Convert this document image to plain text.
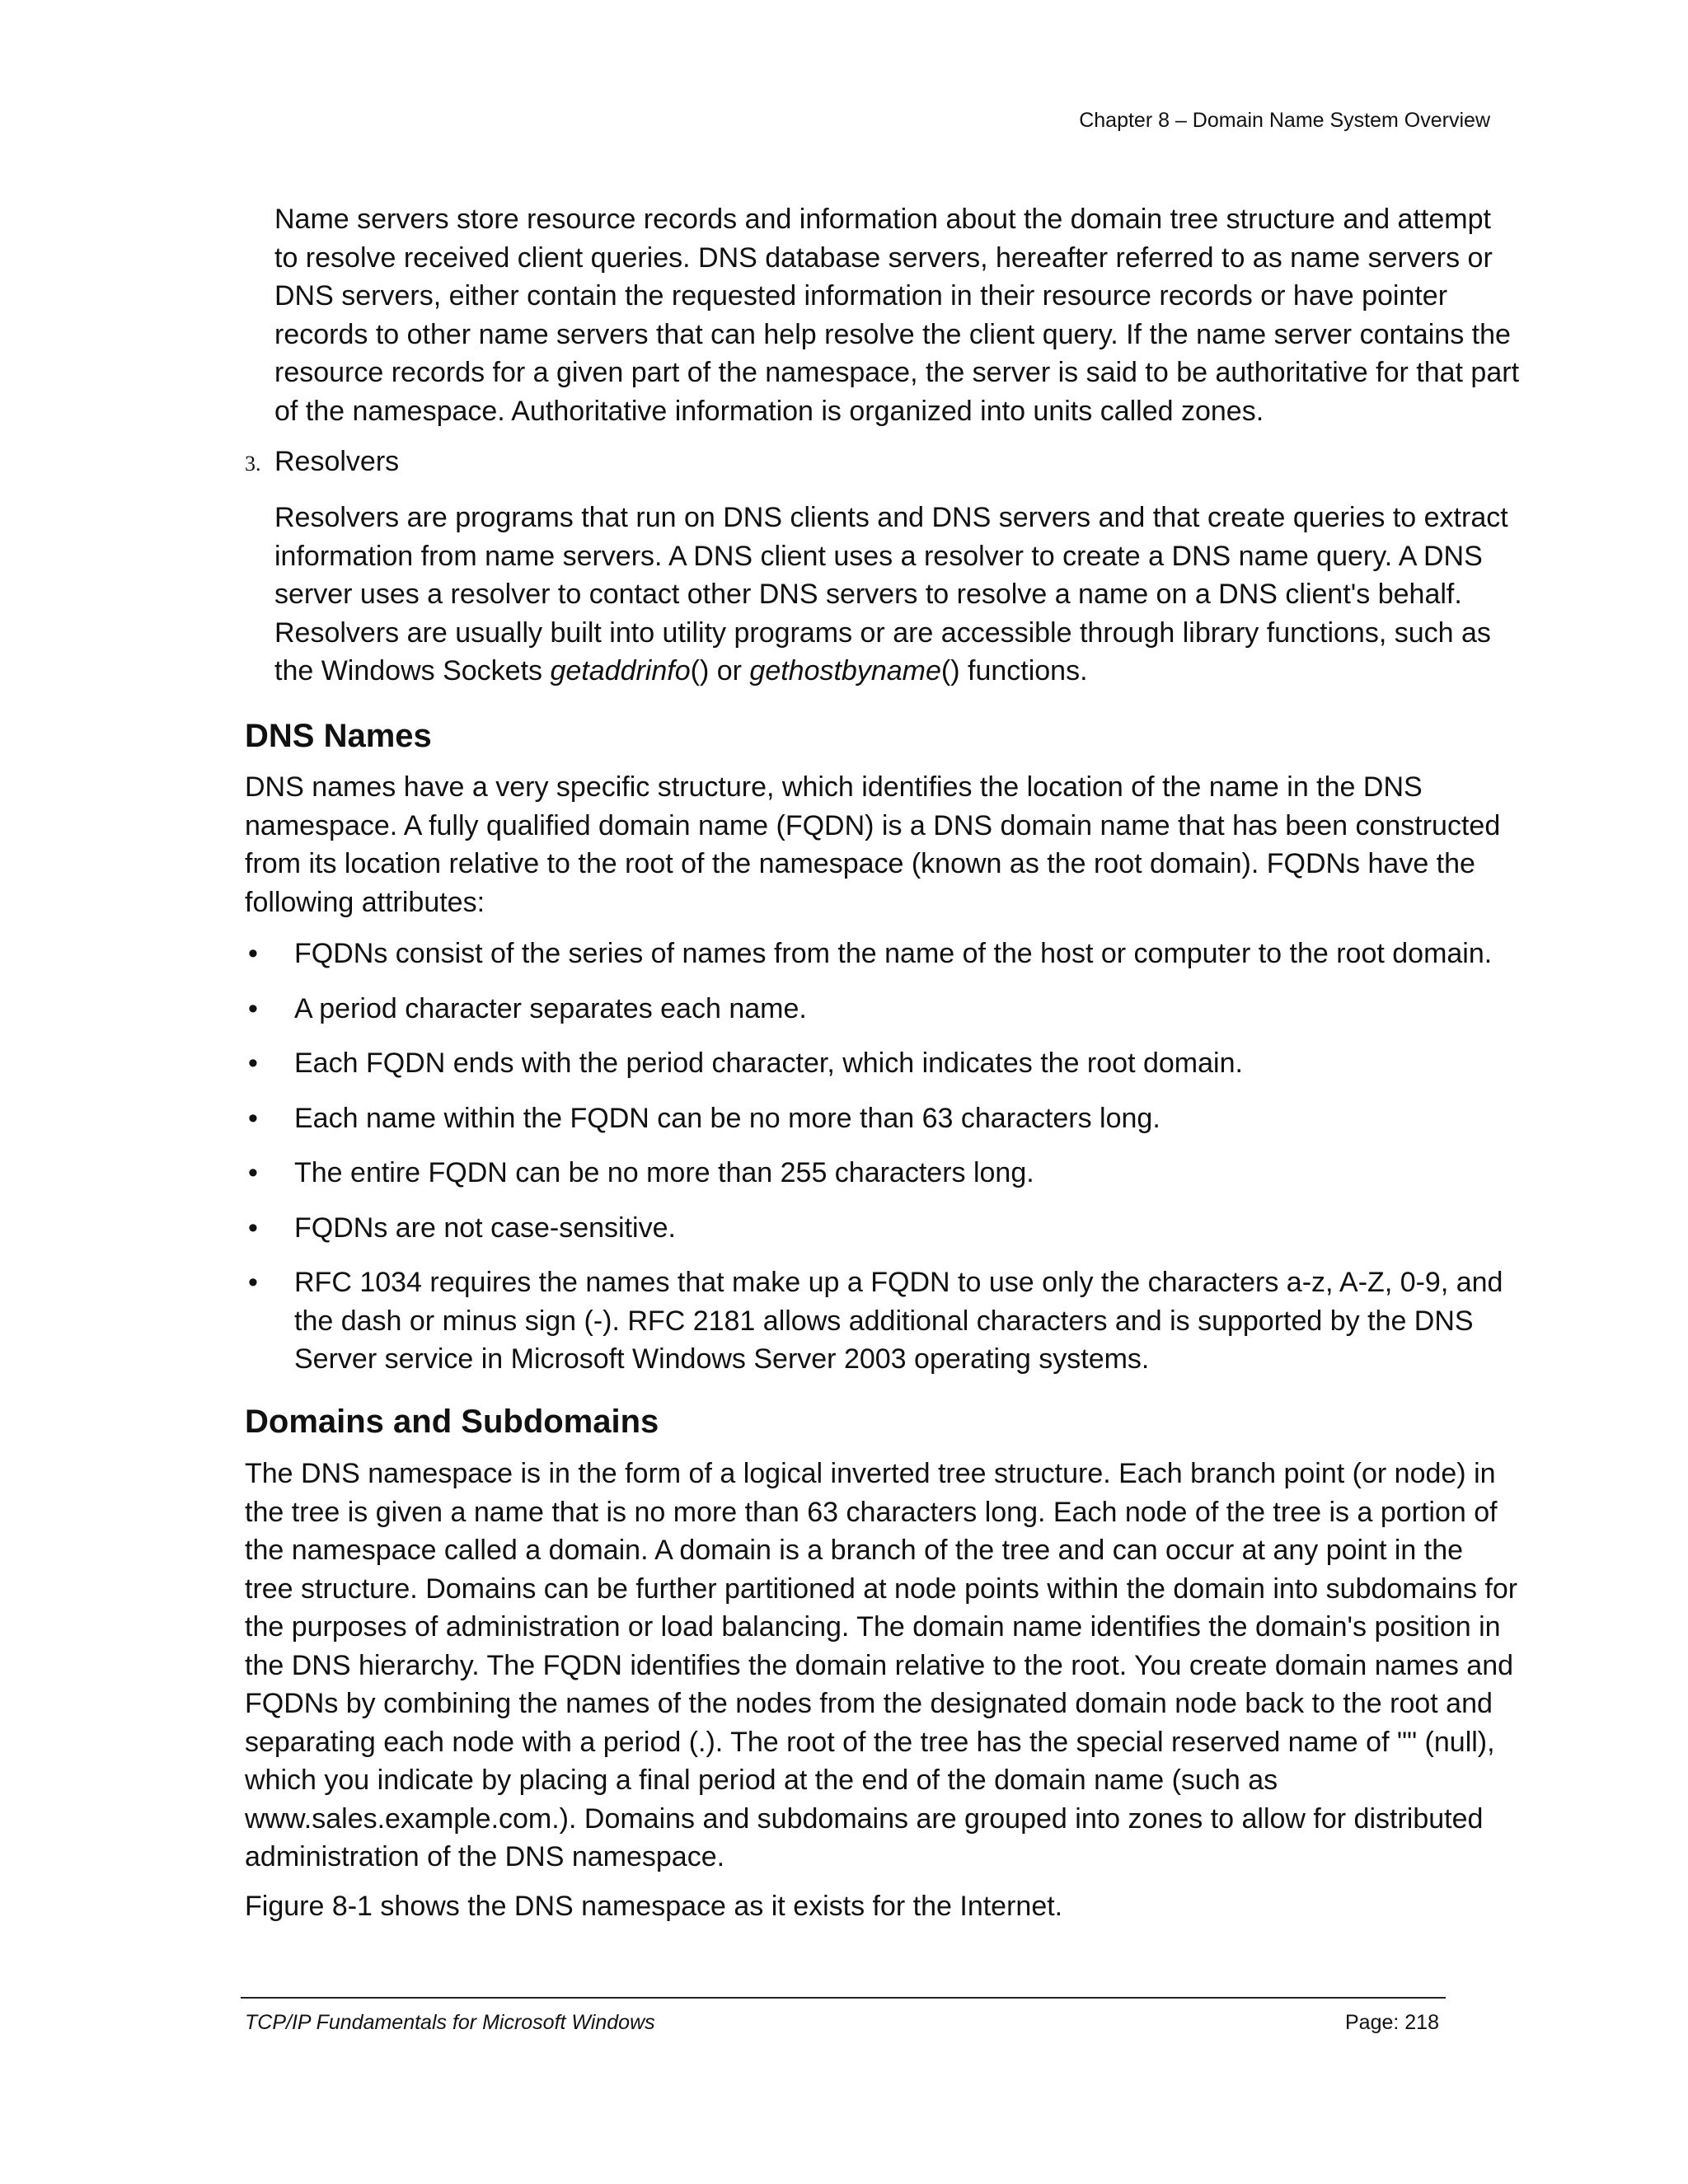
Chapter 8 – Domain Name System Overview

Name servers store resource records and information about the domain tree structure and attempt to resolve received client queries. DNS database servers, hereafter referred to as name servers or DNS servers, either contain the requested information in their resource records or have pointer records to other name servers that can help resolve the client query. If the name server contains the resource records for a given part of the namespace, the server is said to be authoritative for that part of the namespace. Authoritative information is organized into units called zones.

3. Resolvers

Resolvers are programs that run on DNS clients and DNS servers and that create queries to extract information from name servers. A DNS client uses a resolver to create a DNS name query. A DNS server uses a resolver to contact other DNS servers to resolve a name on a DNS client's behalf. Resolvers are usually built into utility programs or are accessible through library functions, such as the Windows Sockets getaddrinfo() or gethostbyname() functions.

DNS Names

DNS names have a very specific structure, which identifies the location of the name in the DNS namespace. A fully qualified domain name (FQDN) is a DNS domain name that has been constructed from its location relative to the root of the namespace (known as the root domain). FQDNs have the following attributes:

• FQDNs consist of the series of names from the name of the host or computer to the root domain.
• A period character separates each name.
• Each FQDN ends with the period character, which indicates the root domain.
• Each name within the FQDN can be no more than 63 characters long.
• The entire FQDN can be no more than 255 characters long.
• FQDNs are not case-sensitive.
• RFC 1034 requires the names that make up a FQDN to use only the characters a-z, A-Z, 0-9, and the dash or minus sign (-). RFC 2181 allows additional characters and is supported by the DNS Server service in Microsoft Windows Server 2003 operating systems.
Domains and Subdomains

The DNS namespace is in the form of a logical inverted tree structure. Each branch point (or node) in the tree is given a name that is no more than 63 characters long. Each node of the tree is a portion of the namespace called a domain. A domain is a branch of the tree and can occur at any point in the tree structure. Domains can be further partitioned at node points within the domain into subdomains for the purposes of administration or load balancing. The domain name identifies the domain's position in the DNS hierarchy. The FQDN identifies the domain relative to the root. You create domain names and FQDNs by combining the names of the nodes from the designated domain node back to the root and separating each node with a period (.). The root of the tree has the special reserved name of "" (null), which you indicate by placing a final period at the end of the domain name (such as www.sales.example.com.). Domains and subdomains are grouped into zones to allow for distributed administration of the DNS namespace.

Figure 8-1 shows the DNS namespace as it exists for the Internet.

TCP/IP Fundamentals for Microsoft Windows	Page: 218
